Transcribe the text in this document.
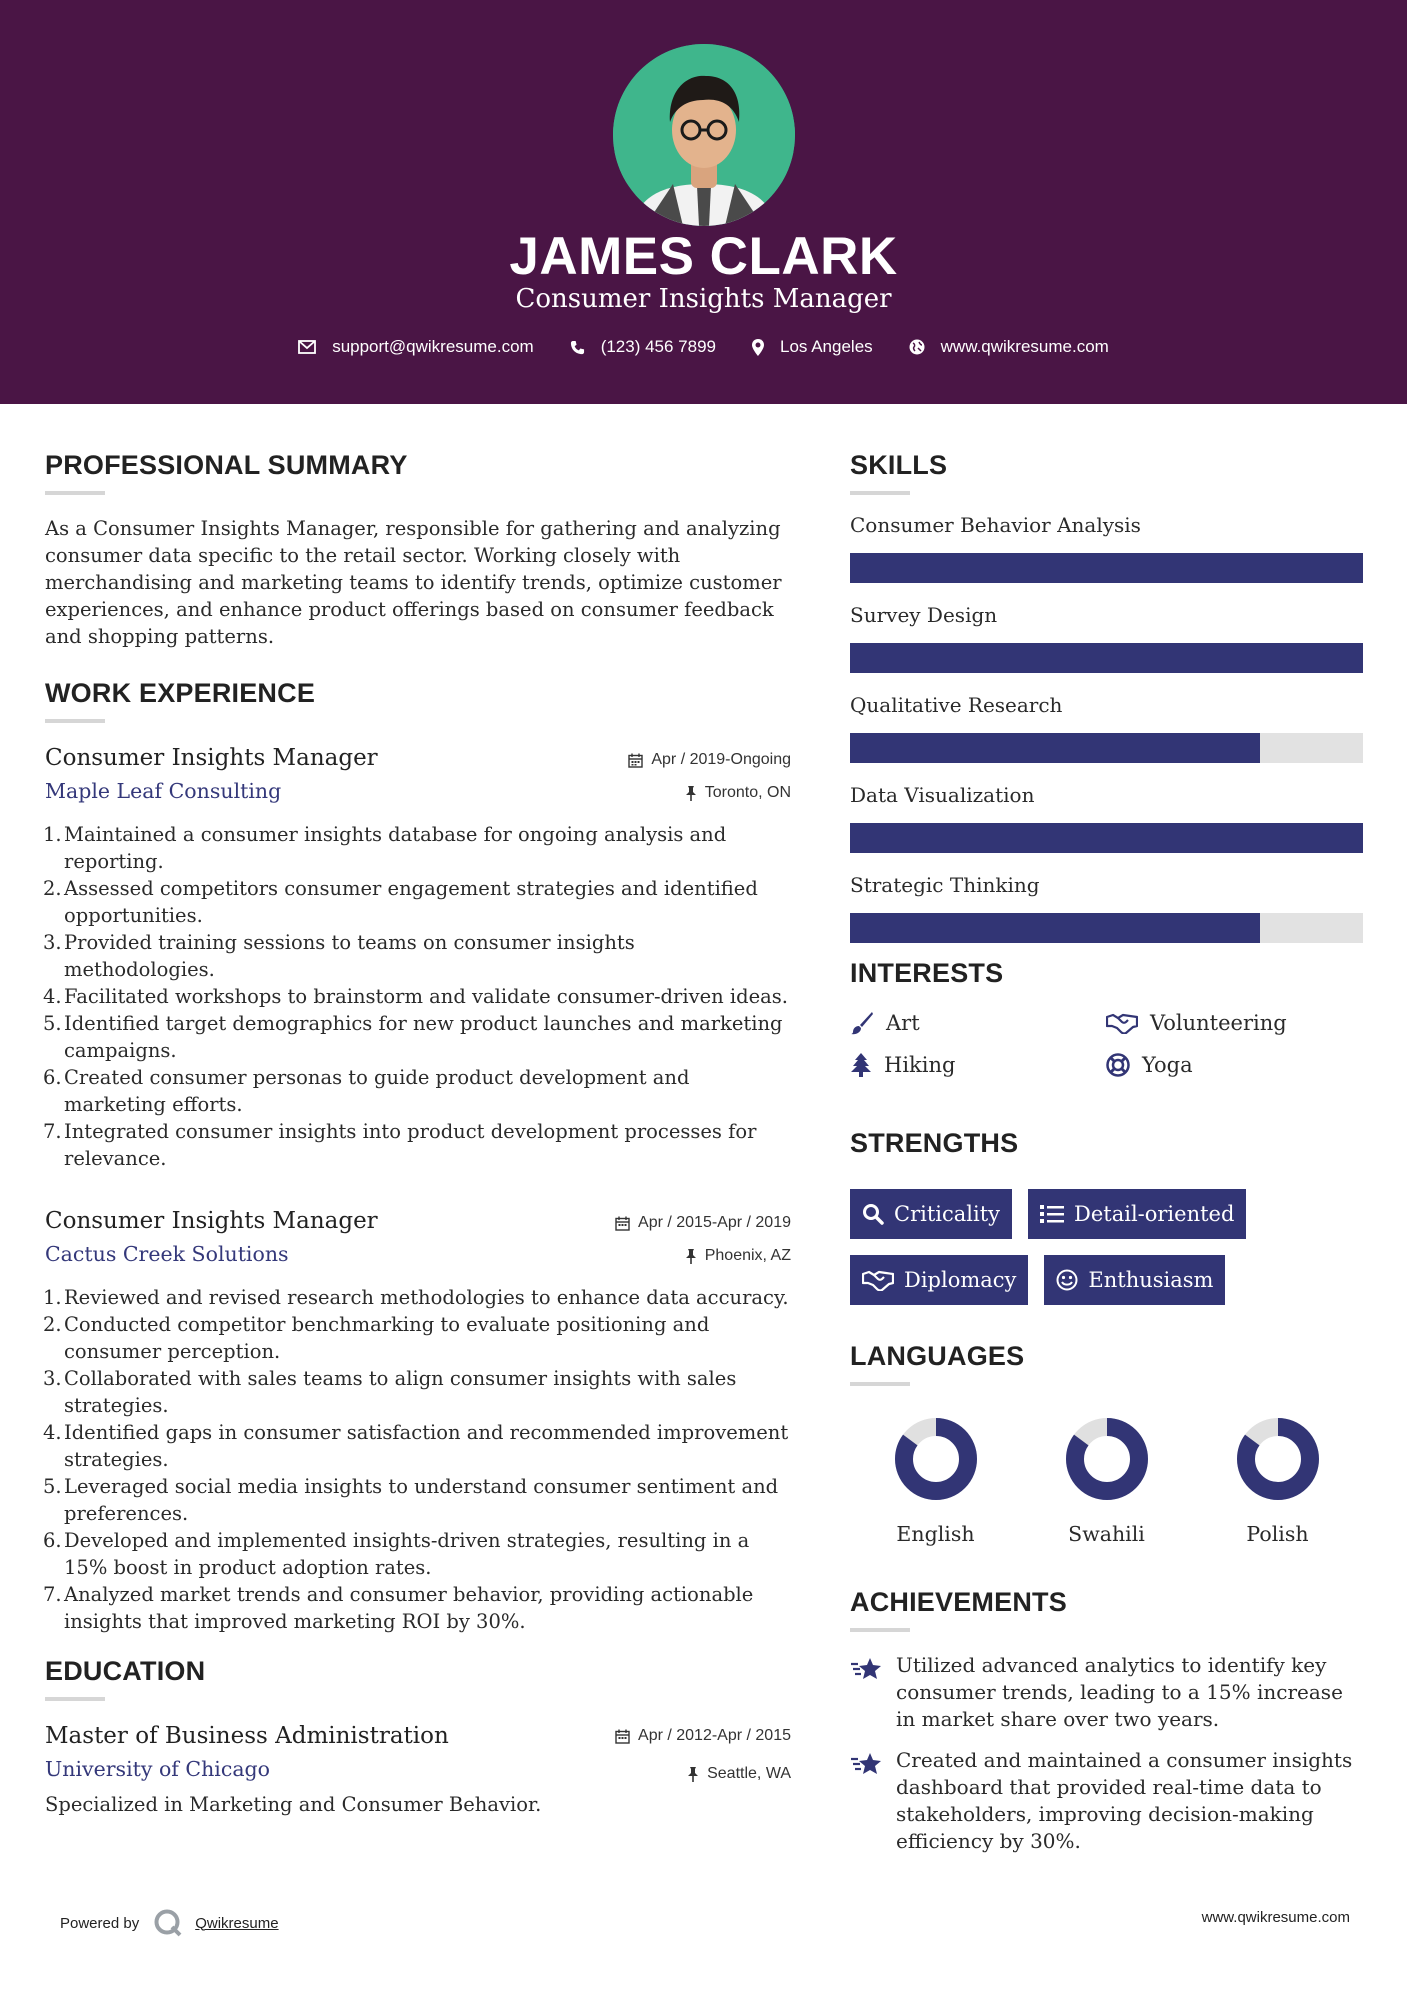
JAMES CLARK
Consumer Insights Manager
support@qwikresume.com	(123) 456 7899	Los Angeles	www.qwikresume.com
PROFESSIONAL SUMMARY
As a Consumer Insights Manager, responsible for gathering and analyzing consumer data specific to the retail sector. Working closely with merchandising and marketing teams to identify trends, optimize customer experiences, and enhance product offerings based on consumer feedback and shopping patterns.
WORK EXPERIENCE
Consumer Insights Manager	Apr / 2019-Ongoing
Maple Leaf Consulting	Toronto, ON
1. Maintained a consumer insights database for ongoing analysis and reporting.
2. Assessed competitors consumer engagement strategies and identified opportunities.
3. Provided training sessions to teams on consumer insights methodologies.
4. Facilitated workshops to brainstorm and validate consumer-driven ideas.
5. Identified target demographics for new product launches and marketing campaigns.
6. Created consumer personas to guide product development and marketing efforts.
7. Integrated consumer insights into product development processes for relevance.
Consumer Insights Manager	Apr / 2015-Apr / 2019
Cactus Creek Solutions	Phoenix, AZ
1. Reviewed and revised research methodologies to enhance data accuracy.
2. Conducted competitor benchmarking to evaluate positioning and consumer perception.
3. Collaborated with sales teams to align consumer insights with sales strategies.
4. Identified gaps in consumer satisfaction and recommended improvement strategies.
5. Leveraged social media insights to understand consumer sentiment and preferences.
6. Developed and implemented insights-driven strategies, resulting in a 15% boost in product adoption rates.
7. Analyzed market trends and consumer behavior, providing actionable insights that improved marketing ROI by 30%.
EDUCATION
Master of Business Administration	Apr / 2012-Apr / 2015
University of Chicago	Seattle, WA
Specialized in Marketing and Consumer Behavior.
SKILLS
Consumer Behavior Analysis
Survey Design
Qualitative Research
Data Visualization
Strategic Thinking
INTERESTS
Art	Volunteering
Hiking	Yoga
STRENGTHS
Criticality	Detail-oriented
Diplomacy	Enthusiasm
LANGUAGES
English	Swahili	Polish
ACHIEVEMENTS
Utilized advanced analytics to identify key consumer trends, leading to a 15% increase in market share over two years.
Created and maintained a consumer insights dashboard that provided real-time data to stakeholders, improving decision-making efficiency by 30%.
Powered by	Qwikresume	www.qwikresume.com
